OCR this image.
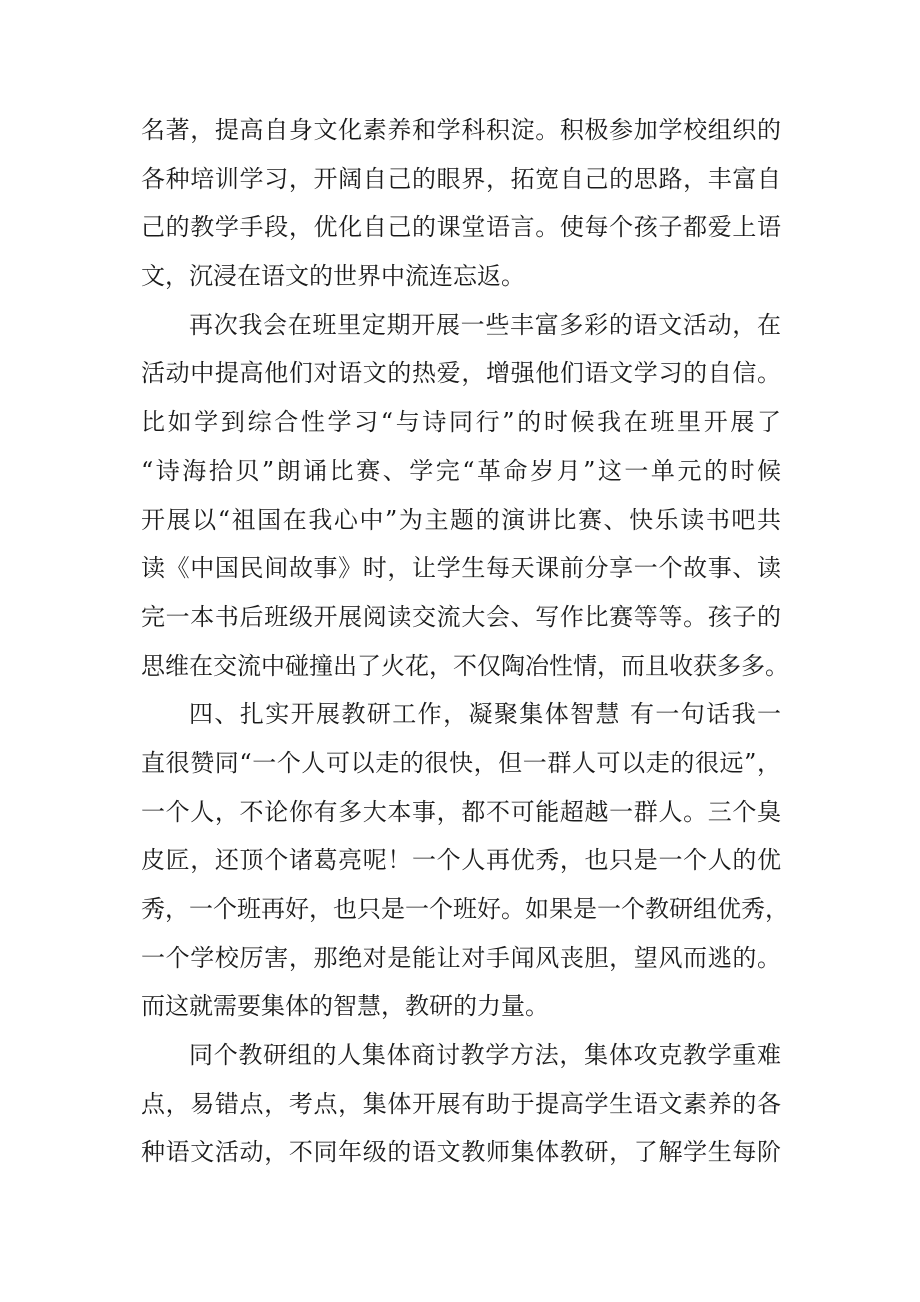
名著，提高自身文化素养和学科积淀。积极参加学校组织的
各种培训学习，开阔自己的眼界，拓宽自己的思路，丰富自
己的教学手段，优化自己的课堂语言。使每个孩子都爱上语
文，沉浸在语文的世界中流连忘返。
再次我会在班里定期开展一些丰富多彩的语文活动，在
活动中提高他们对语文的热爱，增强他们语文学习的自信。
比如学到综合性学习“与诗同行”的时候我在班里开展了
“诗海拾贝”朗诵比赛、学完“革命岁月”这一单元的时候
开展以“祖国在我心中”为主题的演讲比赛、快乐读书吧共
读《中国民间故事》时，让学生每天课前分享一个故事、读
完一本书后班级开展阅读交流大会、写作比赛等等。孩子的
思维在交流中碰撞出了火花，不仅陶冶性情，而且收获多多。
四、扎实开展教研工作，凝聚集体智慧 有一句话我一
直很赞同“一个人可以走的很快，但一群人可以走的很远”，
一个人，不论你有多大本事，都不可能超越一群人。三个臭
皮匠，还顶个诸葛亮呢！一个人再优秀，也只是一个人的优
秀，一个班再好，也只是一个班好。如果是一个教研组优秀，
一个学校厉害，那绝对是能让对手闻风丧胆，望风而逃的。
而这就需要集体的智慧，教研的力量。
同个教研组的人集体商讨教学方法，集体攻克教学重难
点，易错点，考点，集体开展有助于提高学生语文素养的各
种语文活动，不同年级的语文教师集体教研，了解学生每阶
